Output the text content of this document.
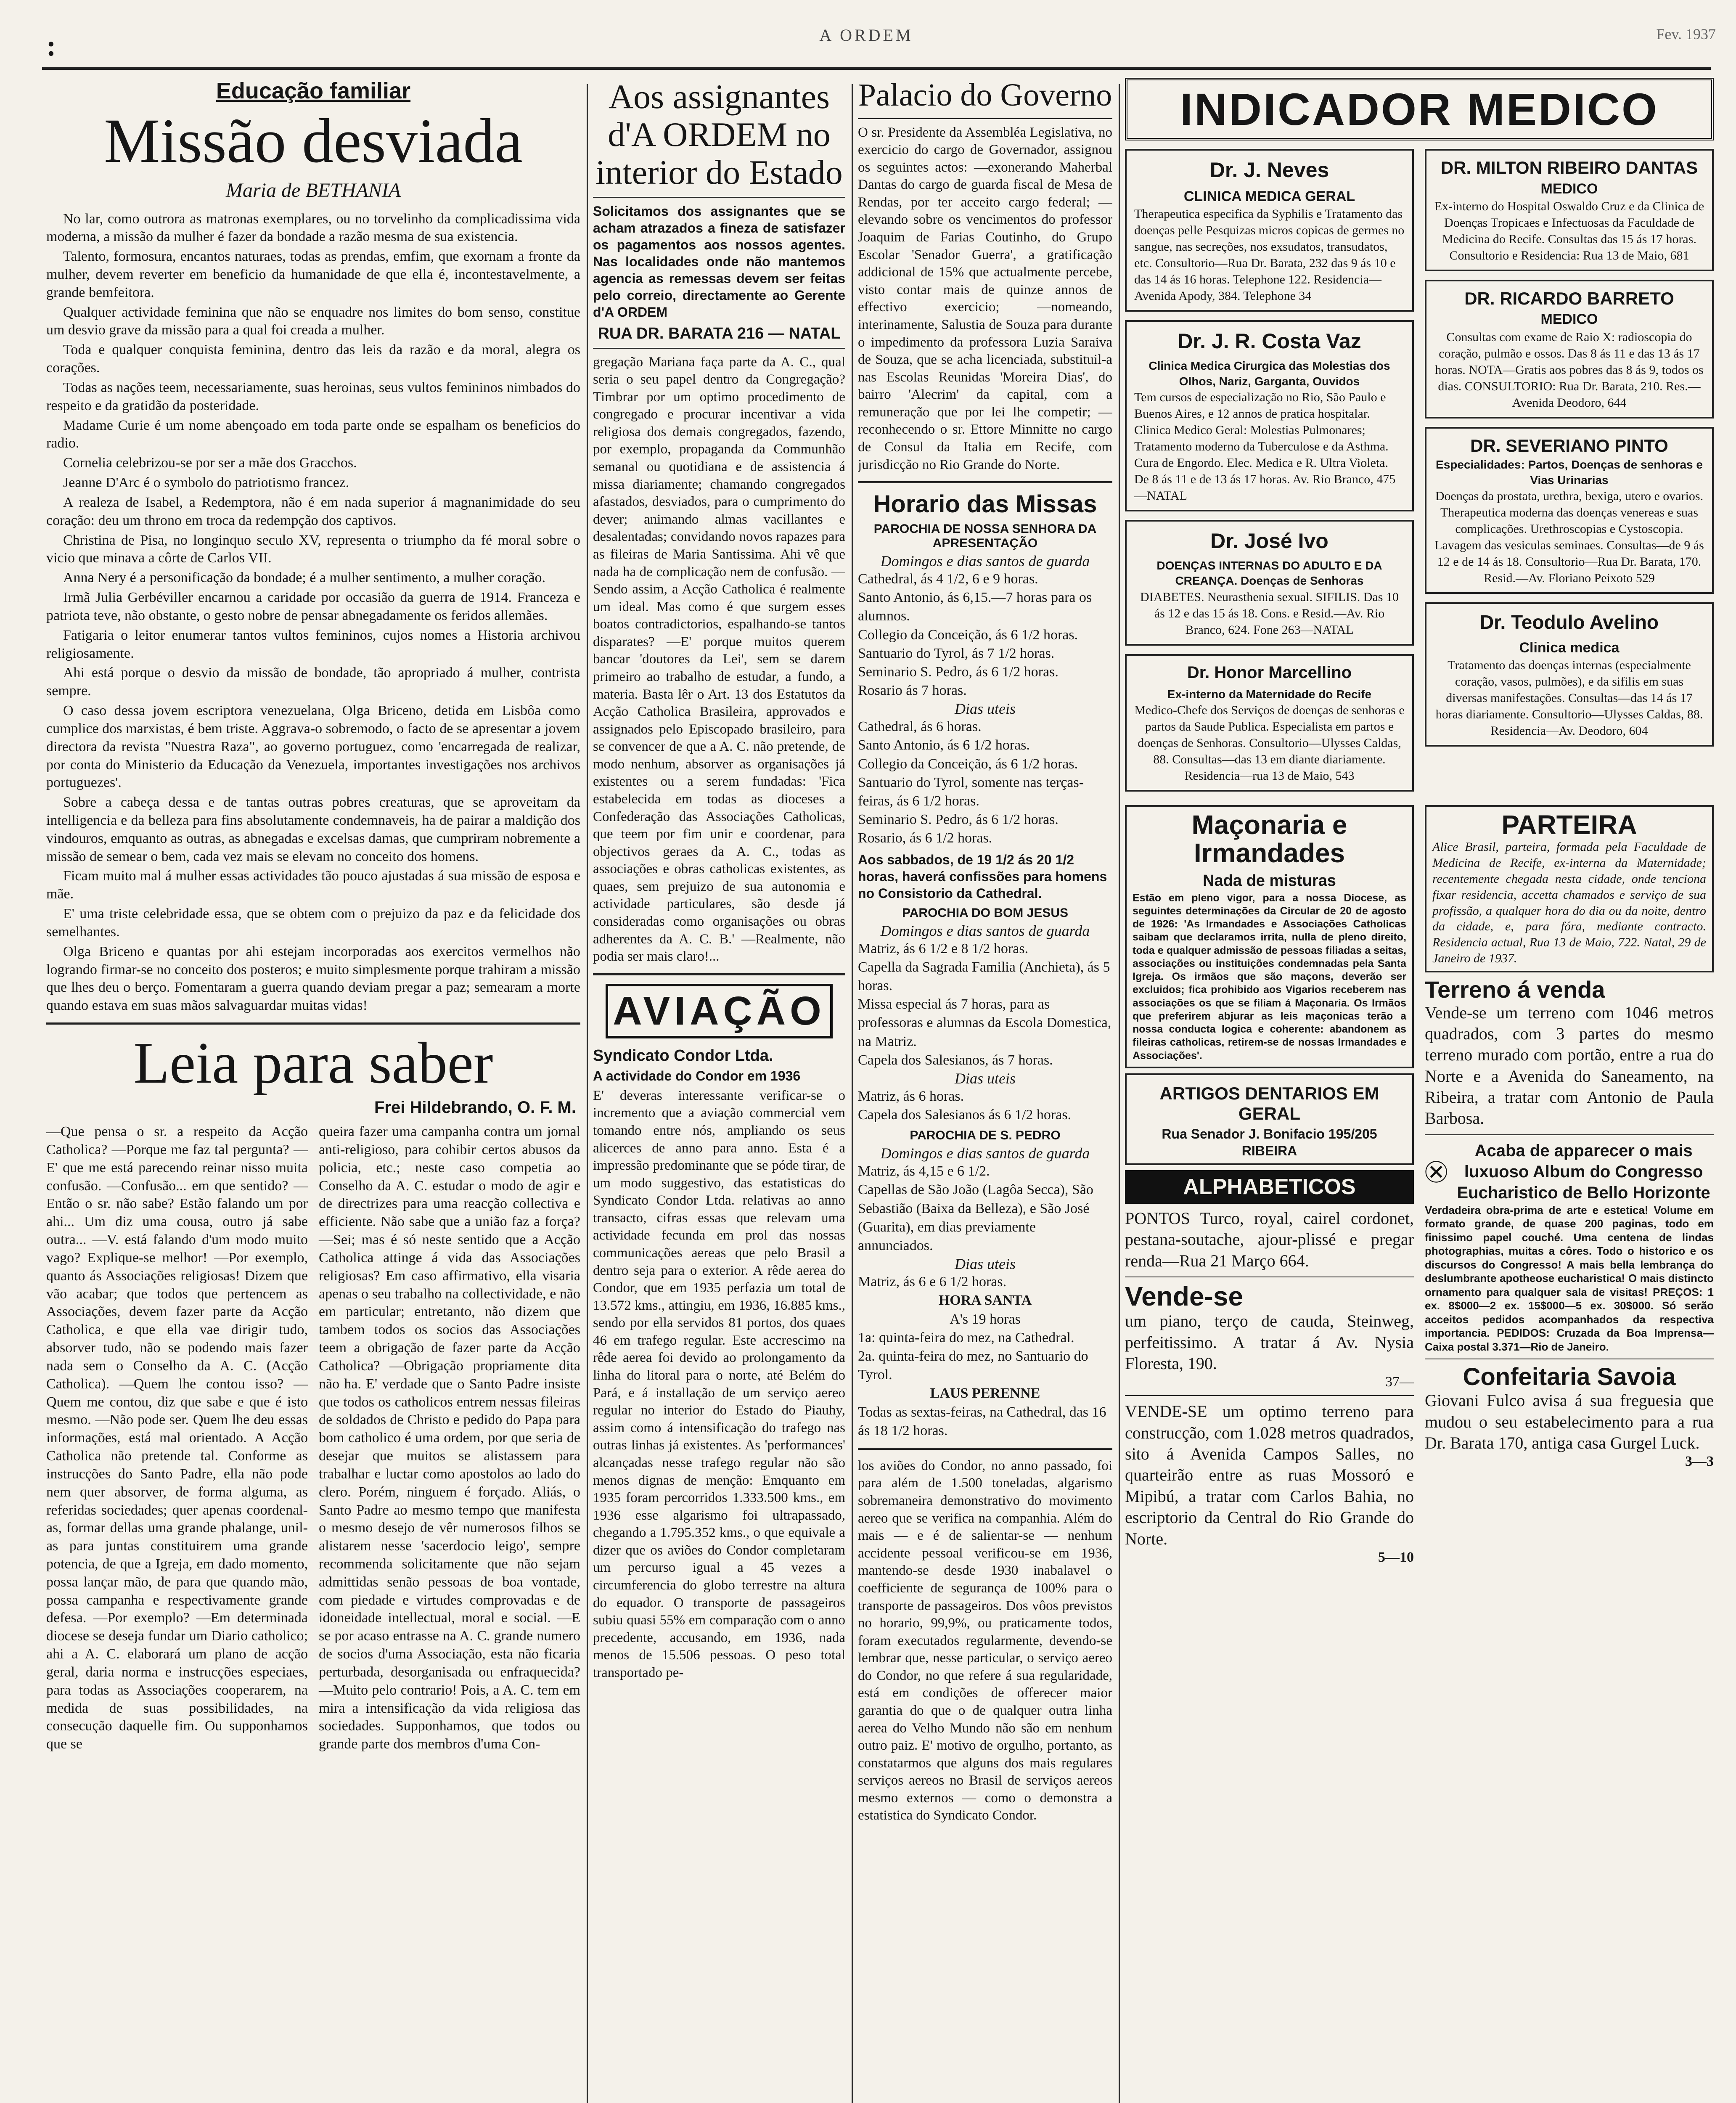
:	A ORDEM	Fev. 1937
Educação familiar
Missão desviada
Maria de BETHANIA

No lar, como outrora as matronas exemplares, ou no torvelinho da complicadissima vida moderna, a missão da mulher é fazer da bondade a razão mesma de sua existencia.

Talento, formosura, encantos naturaes, todas as prendas, emfim, que exornam a fronte da mulher, devem reverter em beneficio da humanidade de que ella é, incontestavelmente, a grande bemfeitora.

Qualquer actividade feminina que não se enquadre nos limites do bom senso, constitue um desvio grave da missão para a qual foi creada a mulher.

Toda e qualquer conquista feminina, dentro das leis da razão e da moral, alegra os corações.

Todas as nações teem, necessariamente, suas heroinas, seus vultos femininos nimbados do respeito e da gratidão da posteridade.

Madame Curie é um nome abençoado em toda parte onde se espalham os beneficios do radio.

Cornelia celebrizou-se por ser a mãe dos Gracchos.

Jeanne D'Arc é o symbolo do patriotismo francez.

A realeza de Isabel, a Redemptora, não é em nada superior á magnanimidade do seu coração: deu um throno em troca da redempção dos captivos.

Christina de Pisa, no longinquo seculo XV, representa o triumpho da fé moral sobre o vicio que minava a côrte de Carlos VII.

Anna Nery é a personificação da bondade; é a mulher sentimento, a mulher coração.

Irmã Julia Gerbéviller encarnou a caridade por occasião da guerra de 1914. Franceza e patriota teve, não obstante, o gesto nobre de pensar abnegadamente os feridos allemães.

Fatigaria o leitor enumerar tantos vultos femininos, cujos nomes a Historia archivou religiosamente.

Ahi está porque o desvio da missão de bondade, tão apropriado á mulher, contrista sempre.

O caso dessa jovem escriptora venezuelana, Olga Briceno, detida em Lisbôa como cumplice dos marxistas, é bem triste. Aggrava-o sobremodo, o facto de se apresentar a jovem directora da revista "Nuestra Raza", ao governo portuguez, como 'encarregada de realizar, por conta do Ministerio da Educação da Venezuela, importantes investigações nos archivos portuguezes'.

Sobre a cabeça dessa e de tantas outras pobres creaturas, que se aproveitam da intelligencia e da belleza para fins absolutamente condemnaveis, ha de pairar a maldição dos vindouros, emquanto as outras, as abnegadas e excelsas damas, que cumpriram nobremente a missão de semear o bem, cada vez mais se elevam no conceito dos homens.

Ficam muito mal á mulher essas actividades tão pouco ajustadas á sua missão de esposa e mãe.

E' uma triste celebridade essa, que se obtem com o prejuizo da paz e da felicidade dos semelhantes.

Olga Briceno e quantas por ahi estejam incorporadas aos exercitos vermelhos não logrando firmar-se no conceito dos posteros; e muito simplesmente porque trahiram a missão que lhes deu o berço. Fomentaram a guerra quando deviam pregar a paz; semearam a morte quando estava em suas mãos salvaguardar muitas vidas!

Leia para saber
Frei Hildebrando, O. F. M.
—Que pensa o sr. a respeito da Acção Catholica? —Porque me faz tal pergunta? —E' que me está parecendo reinar nisso muita confusão. —Confusão... em que sentido? —Então o sr. não sabe? Estão falando um por ahi... Um diz uma cousa, outro já sabe outra... —V. está falando d'um modo muito vago? Explique-se melhor! —Por exemplo, quanto ás Associações religiosas! Dizem que vão acabar; que todos que pertencem as Associações, devem fazer parte da Acção Catholica, e que ella vae dirigir tudo, absorver tudo, não se podendo mais fazer nada sem o Conselho da A. C. (Acção Catholica). —Quem lhe contou isso? —Quem me contou, diz que sabe e que é isto mesmo. —Não pode ser. Quem lhe deu essas informações, está mal orientado. A Acção Catholica não pretende tal. Conforme as instrucções do Santo Padre, ella não pode nem quer absorver, de forma alguma, as referidas sociedades; quer apenas coordenal-as, formar dellas uma grande phalange, unil-as para juntas constituirem uma grande potencia, de que a Igreja, em dado momento, possa lançar mão, de para que quando mão, possa campanha e respectivamente grande defesa. —Por exemplo? —Em determinada diocese se deseja fundar um Diario catholico; ahi a A. C. elaborará um plano de acção geral, daria norma e instrucções especiaes, para todas as Associações cooperarem, na medida de suas possibilidades, na consecução daquelle fim. Ou supponhamos que se
queira fazer uma campanha contra um jornal anti-religioso, para cohibir certos abusos da policia, etc.; neste caso competia ao Conselho da A. C. estudar o modo de agir e de directrizes para uma reacção collectiva e efficiente. Não sabe que a união faz a força? —Sei; mas é só neste sentido que a Acção Catholica attinge á vida das Associações religiosas? Em caso affirmativo, ella visaria apenas o seu trabalho na collectividade, e não em particular; entretanto, não dizem que tambem todos os socios das Associações teem a obrigação de fazer parte da Acção Catholica? —Obrigação propriamente dita não ha. E' verdade que o Santo Padre insiste que todos os catholicos entrem nessas fileiras de soldados de Christo e pedido do Papa para bom catholico é uma ordem, por que seria de desejar que muitos se alistassem para trabalhar e luctar como apostolos ao lado do clero. Porém, ninguem é forçado. Aliás, o Santo Padre ao mesmo tempo que manifesta o mesmo desejo de vêr numerosos filhos se alistarem nesse 'sacerdocio leigo', sempre recommenda solicitamente que não sejam admittidas senão pessoas de boa vontade, com piedade e virtudes comprovadas e de idoneidade intellectual, moral e social. —E se por acaso entrasse na A. C. grande numero de socios d'uma Associação, esta não ficaria perturbada, desorganisada ou enfraquecida? —Muito pelo contrario! Pois, a A. C. tem em mira a intensificação da vida religiosa das sociedades. Supponhamos, que todos ou grande parte dos membros d'uma Con-
Aos assignantes d'A ORDEM no interior do Estado
Solicitamos dos assignantes que se acham atrazados a fineza de satisfazer os pagamentos aos nossos agentes. Nas localidades onde não mantemos agencia as remessas devem ser feitas pelo correio, directamente ao Gerente d'A ORDEM
RUA DR. BARATA 216 — NATAL
gregação Mariana faça parte da A. C., qual seria o seu papel dentro da Congregação? Timbrar por um optimo procedimento de congregado e procurar incentivar a vida religiosa dos demais congregados, fazendo, por exemplo, propaganda da Communhão semanal ou quotidiana e de assistencia á missa diariamente; chamando congregados afastados, desviados, para o cumprimento do dever; animando almas vacillantes e desalentadas; convidando novos rapazes para as fileiras de Maria Santissima. Ahi vê que nada ha de complicação nem de confusão. —Sendo assim, a Acção Catholica é realmente um ideal. Mas como é que surgem esses boatos contradictorios, espalhando-se tantos disparates? —E' porque muitos querem bancar 'doutores da Lei', sem se darem primeiro ao trabalho de estudar, a fundo, a materia. Basta lêr o Art. 13 dos Estatutos da Acção Catholica Brasileira, approvados e assignados pelo Episcopado brasileiro, para se convencer de que a A. C. não pretende, de modo nenhum, absorver as organisações já existentes ou a serem fundadas: 'Fica estabelecida em todas as dioceses a Confederação das Associações Catholicas, que teem por fim unir e coordenar, para objectivos geraes da A. C., todas as associações e obras catholicas existentes, as quaes, sem prejuizo de sua autonomia e actividade particulares, são desde já consideradas como organisações ou obras adherentes da A. C. B.' —Realmente, não podia ser mais claro!...
AVIAÇÃO
Syndicato Condor Ltda.
A actividade do Condor em 1936
E' deveras interessante verificar-se o incremento que a aviação commercial vem tomando entre nós, ampliando os seus alicerces de anno para anno. Esta é a impressão predominante que se póde tirar, de um modo suggestivo, das estatisticas do Syndicato Condor Ltda. relativas ao anno transacto, cifras essas que relevam uma actividade fecunda em prol das nossas communicações aereas que pelo Brasil a dentro seja para o exterior. A rêde aerea do Condor, que em 1935 perfazia um total de 13.572 kms., attingiu, em 1936, 16.885 kms., sendo por ella servidos 81 portos, dos quaes 46 em trafego regular. Este accrescimo na rêde aerea foi devido ao prolongamento da linha do litoral para o norte, até Belém do Pará, e á installação de um serviço aereo regular no interior do Estado do Piauhy, assim como á intensificação do trafego nas outras linhas já existentes. As 'performances' alcançadas nesse trafego regular não são menos dignas de menção: Emquanto em 1935 foram percorridos 1.333.500 kms., em 1936 esse algarismo foi ultrapassado, chegando a 1.795.352 kms., o que equivale a dizer que os aviões do Condor completaram um percurso igual a 45 vezes a circumferencia do globo terrestre na altura do equador. O transporte de passageiros subiu quasi 55% em comparação com o anno precedente, accusando, em 1936, nada menos de 15.506 pessoas. O peso total transportado pe-
Palacio do Governo
O sr. Presidente da Assembléa Legislativa, no exercicio do cargo de Governador, assignou os seguintes actos: —exonerando Maherbal Dantas do cargo de guarda fiscal de Mesa de Rendas, por ter acceito cargo federal; —elevando sobre os vencimentos do professor Joaquim de Farias Coutinho, do Grupo Escolar 'Senador Guerra', a gratificação addicional de 15% que actualmente percebe, visto contar mais de quinze annos de effectivo exercicio; —nomeando, interinamente, Salustia de Souza para durante o impedimento da professora Luzia Saraiva de Souza, que se acha licenciada, substituil-a nas Escolas Reunidas 'Moreira Dias', do bairro 'Alecrim' da capital, com a remuneração que por lei lhe competir; —reconhecendo o sr. Ettore Minnitte no cargo de Consul da Italia em Recife, com jurisdicção no Rio Grande do Norte.
Horario das Missas
PAROCHIA DE NOSSA SENHORA DA APRESENTAÇÃO
Domingos e dias santos de guarda
Cathedral, ás 4 1/2, 6 e 9 horas.
Santo Antonio, ás 6,15.—7 horas para os alumnos.
Collegio da Conceição, ás 6 1/2 horas.
Santuario do Tyrol, ás 7 1/2 horas.
Seminario S. Pedro, ás 6 1/2 horas.
Rosario ás 7 horas.
Dias uteis
Cathedral, ás 6 horas.
Santo Antonio, ás 6 1/2 horas.
Collegio da Conceição, ás 6 1/2 horas.
Santuario do Tyrol, somente nas terças-feiras, ás 6 1/2 horas.
Seminario S. Pedro, ás 6 1/2 horas.
Rosario, ás 6 1/2 horas.
Aos sabbados, de 19 1/2 ás 20 1/2 horas, haverá confissões para homens no Consistorio da Cathedral.
PAROCHIA DO BOM JESUS
Domingos e dias santos de guarda
Matriz, ás 6 1/2 e 8 1/2 horas.
Capella da Sagrada Familia (Anchieta), ás 5 horas.
Missa especial ás 7 horas, para as professoras e alumnas da Escola Domestica, na Matriz.
Capela dos Salesianos, ás 7 horas.
Dias uteis
Matriz, ás 6 horas.
Capela dos Salesianos ás 6 1/2 horas.
PAROCHIA DE S. PEDRO
Domingos e dias santos de guarda
Matriz, ás 4,15 e 6 1/2.
Capellas de São João (Lagôa Secca), São Sebastião (Baixa da Belleza), e São José (Guarita), em dias previamente annunciados.
Dias uteis
Matriz, ás 6 e 6 1/2 horas.
HORA SANTA
A's 19 horas
1a: quinta-feira do mez, na Cathedral.
2a. quinta-feira do mez, no Santuario do Tyrol.
LAUS PERENNE
Todas as sextas-feiras, na Cathedral, das 16 ás 18 1/2 horas.
los aviões do Condor, no anno passado, foi para além de 1.500 toneladas, algarismo sobremaneira demonstrativo do movimento aereo que se verifica na companhia. Além do mais — e é de salientar-se — nenhum accidente pessoal verificou-se em 1936, mantendo-se desde 1930 inabalavel o coefficiente de segurança de 100% para o transporte de passageiros. Dos vôos previstos no horario, 99,9%, ou praticamente todos, foram executados regularmente, devendo-se lembrar que, nesse particular, o serviço aereo do Condor, no que refere á sua regularidade, está em condições de offerecer maior garantia do que o de qualquer outra linha aerea do Velho Mundo não são em nenhum outro paiz. E' motivo de orgulho, portanto, as constatarmos que alguns dos mais regulares serviços aereos no Brasil de serviços aereos mesmo externos — como o demonstra a estatistica do Syndicato Condor.
INDICADOR MEDICO
Dr. J. Neves
CLINICA MEDICA GERAL
Therapeutica especifica da Syphilis e Tratamento das doenças pelle Pesquizas micros copicas de germes no sangue, nas secreções, nos exsudatos, transudatos, etc. Consultorio—Rua Dr. Barata, 232 das 9 ás 10 e das 14 ás 16 horas. Telephone 122. Residencia—Avenida Apody, 384. Telephone 34
Dr. J. R. Costa Vaz
Clinica Medica Cirurgica das Molestias dos Olhos, Nariz, Garganta, Ouvidos
Tem cursos de especialização no Rio, São Paulo e Buenos Aires, e 12 annos de pratica hospitalar. Clinica Medico Geral: Molestias Pulmonares; Tratamento moderno da Tuberculose e da Asthma. Cura de Engordo. Elec. Medica e R. Ultra Violeta. De 8 ás 11 e de 13 ás 17 horas. Av. Rio Branco, 475—NATAL
Dr. José Ivo
DOENÇAS INTERNAS DO ADULTO E DA CREANÇA. Doenças de Senhoras
DIABETES. Neurasthenia sexual. SIFILIS. Das 10 ás 12 e das 15 ás 18. Cons. e Resid.—Av. Rio Branco, 624. Fone 263—NATAL
Dr. Honor Marcellino
Ex-interno da Maternidade do Recife
Medico-Chefe dos Serviços de doenças de senhoras e partos da Saude Publica. Especialista em partos e doenças de Senhoras. Consultorio—Ulysses Caldas, 88. Consultas—das 13 em diante diariamente. Residencia—rua 13 de Maio, 543
DR. MILTON RIBEIRO DANTAS
MEDICO
Ex-interno do Hospital Oswaldo Cruz e da Clinica de Doenças Tropicaes e Infectuosas da Faculdade de Medicina do Recife. Consultas das 15 ás 17 horas. Consultorio e Residencia: Rua 13 de Maio, 681
DR. RICARDO BARRETO
MEDICO
Consultas com exame de Raio X: radioscopia do coração, pulmão e ossos. Das 8 ás 11 e das 13 ás 17 horas. NOTA—Gratis aos pobres das 8 ás 9, todos os dias. CONSULTORIO: Rua Dr. Barata, 210. Res.—Avenida Deodoro, 644
DR. SEVERIANO PINTO
Especialidades: Partos, Doenças de senhoras e Vias Urinarias
Doenças da prostata, urethra, bexiga, utero e ovarios. Therapeutica moderna das doenças venereas e suas complicações. Urethroscopias e Cystoscopia. Lavagem das vesiculas seminaes. Consultas—de 9 ás 12 e de 14 ás 18. Consultorio—Rua Dr. Barata, 170. Resid.—Av. Floriano Peixoto 529
Dr. Teodulo Avelino
Clinica medica
Tratamento das doenças internas (especialmente coração, vasos, pulmões), e da sifilis em suas diversas manifestações. Consultas—das 14 ás 17 horas diariamente. Consultorio—Ulysses Caldas, 88. Residencia—Av. Deodoro, 604
Maçonaria e Irmandades
Nada de misturas
Estão em pleno vigor, para a nossa Diocese, as seguintes determinações da Circular de 20 de agosto de 1926: 'As Irmandades e Associações Catholicas saibam que declaramos irrita, nulla de pleno direito, toda e qualquer admissão de pessoas filiadas a seitas, associações ou instituições condemnadas pela Santa Igreja. Os irmãos que são maçons, deverão ser excluidos; fica prohibido aos Vigarios receberem nas associações os que se filiam á Maçonaria. Os Irmãos que preferirem abjurar as leis maçonicas terão a nossa conducta logica e coherente: abandonem as fileiras catholicas, retirem-se de nossas Irmandades e Associações'.
ARTIGOS DENTARIOS EM GERAL
Rua Senador J. Bonifacio 195/205 RIBEIRA
ALPHABETICOS
PONTOS Turco, royal, cairel cordonet, pestana-soutache, ajour-plissé e pregar renda—Rua 21 Março 664.
Vende-se
um piano, terço de cauda, Steinweg, perfeitissimo. A tratar á Av. Nysia Floresta, 190.
37—
VENDE-SE um optimo terreno para construcção, com 1.028 metros quadrados, sito á Avenida Campos Salles, no quarteirão entre as ruas Mossoró e Mipibú, a tratar com Carlos Bahia, no escriptorio da Central do Rio Grande do Norte.
5—10
PARTEIRA
Alice Brasil, parteira, formada pela Faculdade de Medicina de Recife, ex-interna da Maternidade; recentemente chegada nesta cidade, onde tenciona fixar residencia, accetta chamados e serviço de sua profissão, a qualquer hora do dia ou da noite, dentro da cidade, e, para fóra, mediante contracto. Residencia actual, Rua 13 de Maio, 722. Natal, 29 de Janeiro de 1937.
Terreno á venda
Vende-se um terreno com 1046 metros quadrados, com 3 partes do mesmo terreno murado com portão, entre a rua do Norte e a Avenida do Saneamento, na Ribeira, a tratar com Antonio de Paula Barbosa.
Acaba de apparecer o mais luxuoso Album do Congresso Eucharistico de Bello Horizonte
Verdadeira obra-prima de arte e estetica! Volume em formato grande, de quase 200 paginas, todo em finissimo papel couché. Uma centena de lindas photographias, muitas a côres. Todo o historico e os discursos do Congresso! A mais bella lembrança do deslumbrante apotheose eucharistica! O mais distincto ornamento para qualquer sala de visitas! PREÇOS: 1 ex. 8$000—2 ex. 15$000—5 ex. 30$000. Só serão acceitos pedidos acompanhados da respectiva importancia. PEDIDOS: Cruzada da Boa Imprensa—Caixa postal 3.371—Rio de Janeiro.
Confeitaria Savoia
Giovani Fulco avisa á sua freguesia que mudou o seu estabelecimento para a rua Dr. Barata 170, antiga casa Gurgel Luck.
3—3
